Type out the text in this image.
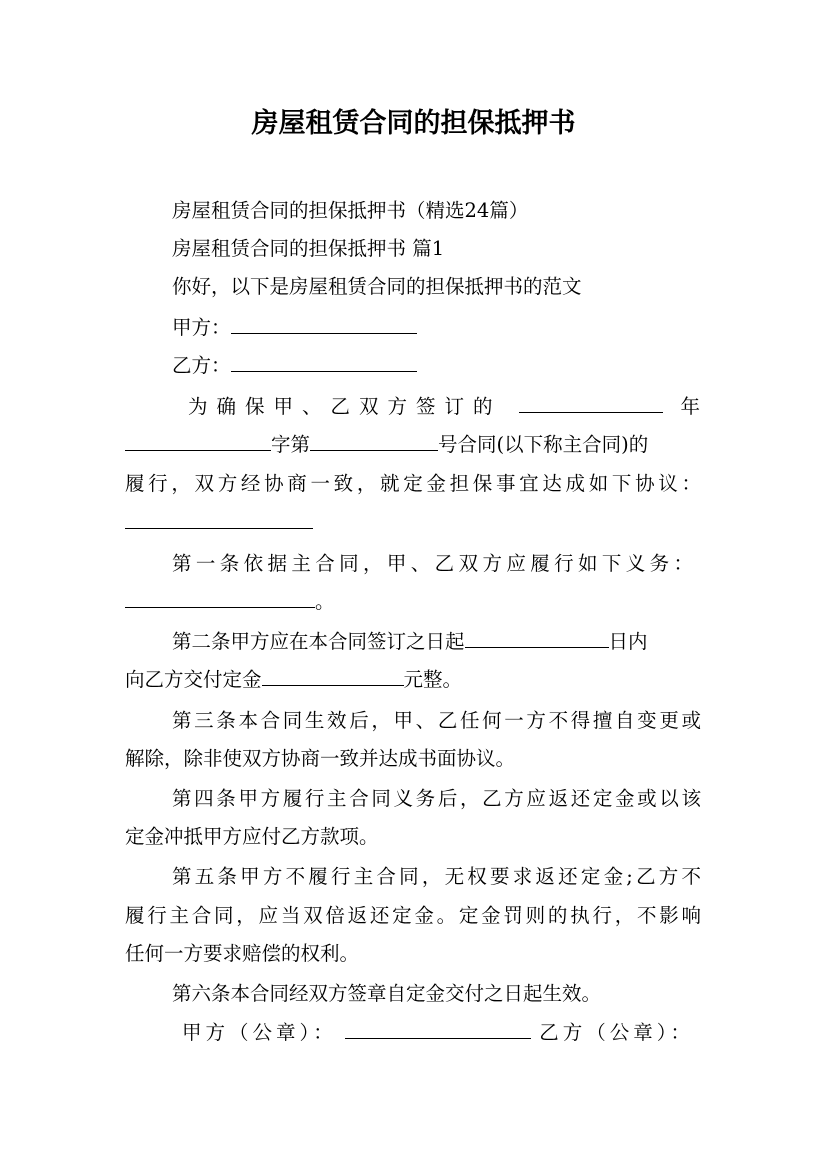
房屋租赁合同的担保抵押书
房屋租赁合同的担保抵押书（精选24篇）
房屋租赁合同的担保抵押书 篇1
你好，以下是房屋租赁合同的担保抵押书的范文
甲方：
乙方：
为确保甲、乙双方签订的	年
字第	号合同(以下称主合同)的
履行，双方经协商一致，就定金担保事宜达成如下协议：
第一条依据主合同，甲、乙双方应履行如下义务：
。
第二条甲方应在本合同签订之日起	日内
向乙方交付定金	元整。
第三条本合同生效后，甲、乙任何一方不得擅自变更或
解除，除非使双方协商一致并达成书面协议。
第四条甲方履行主合同义务后，乙方应返还定金或以该
定金冲抵甲方应付乙方款项。
第五条甲方不履行主合同，无权要求返还定金;乙方不
履行主合同，应当双倍返还定金。定金罚则的执行，不影响
任何一方要求赔偿的权利。
第六条本合同经双方签章自定金交付之日起生效。
甲方（公章）：	乙方（公章）：
